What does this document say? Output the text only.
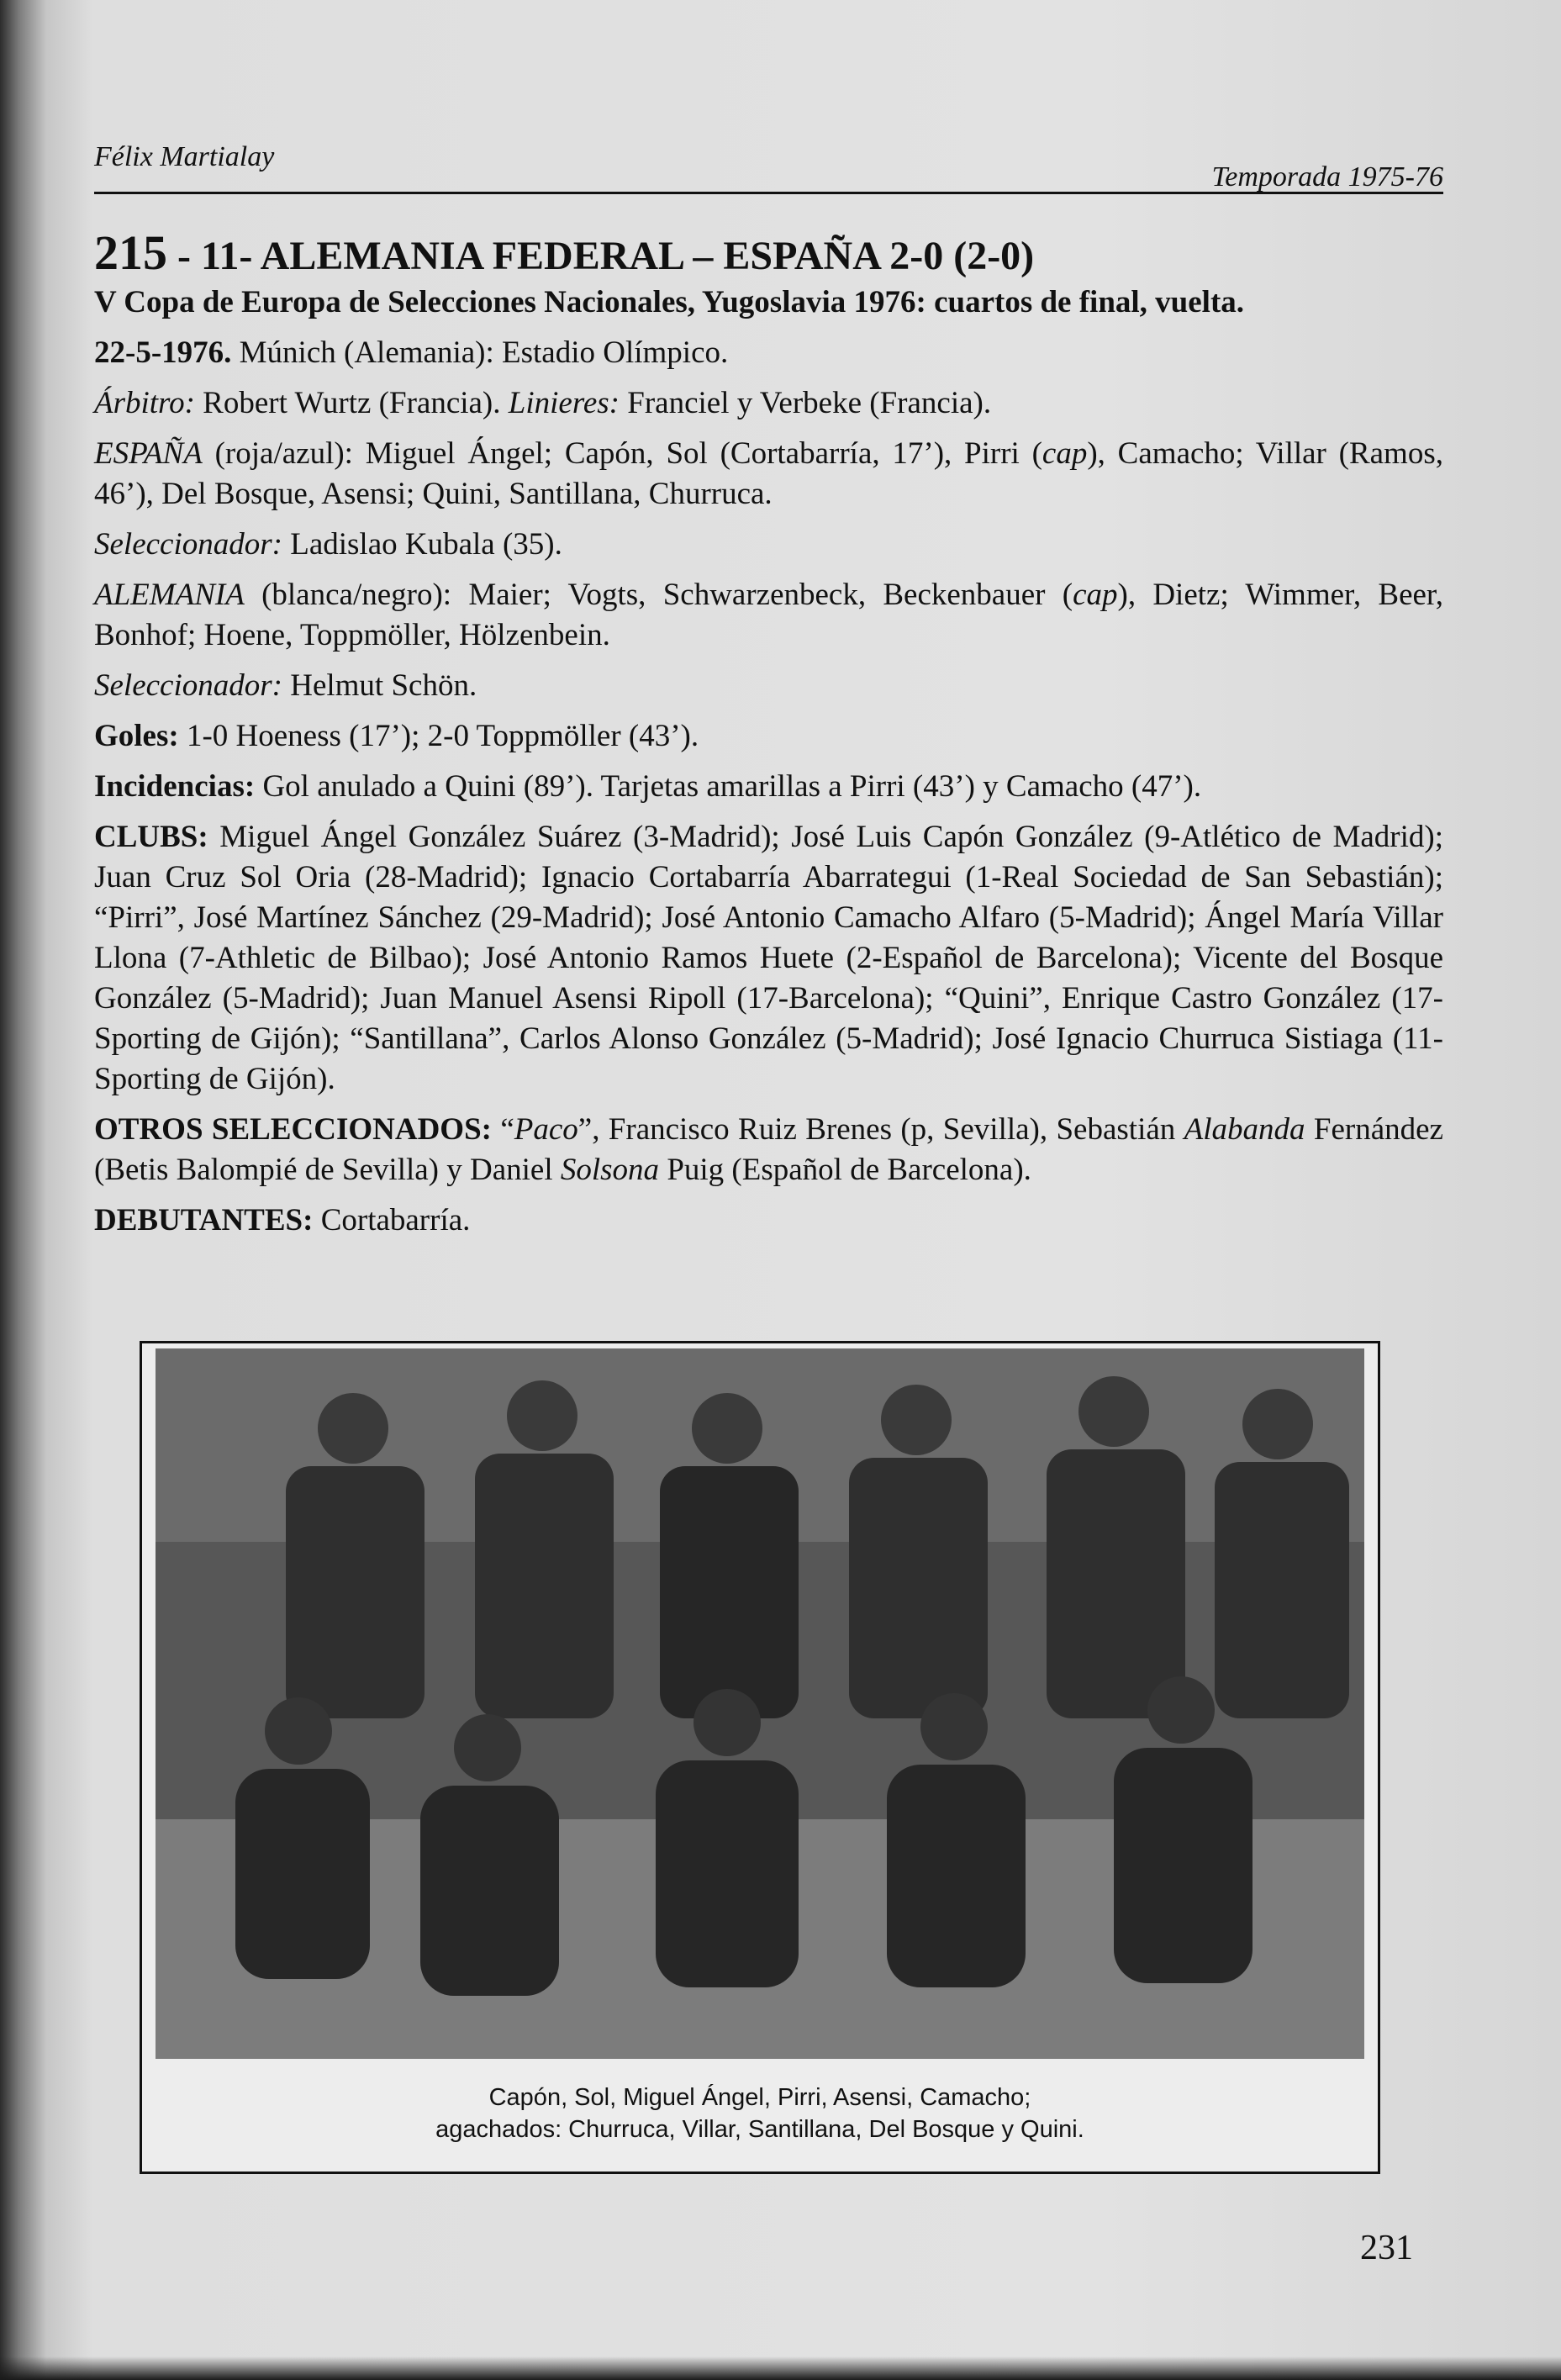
Félix Martialay
Temporada 1975-76
215 - 11- ALEMANIA FEDERAL – ESPAÑA 2-0 (2-0)

V Copa de Europa de Selecciones Nacionales, Yugoslavia 1976: cuartos de final, vuelta.

22-5-1976. Múnich (Alemania): Estadio Olímpico.

Árbitro: Robert Wurtz (Francia). Linieres: Franciel y Verbeke (Francia).

ESPAÑA (roja/azul): Miguel Ángel; Capón, Sol (Cortabarría, 17’), Pirri (cap), Camacho; Villar (Ramos, 46’), Del Bosque, Asensi; Quini, Santillana, Churruca.

Seleccionador: Ladislao Kubala (35).

ALEMANIA (blanca/negro): Maier; Vogts, Schwarzenbeck, Beckenbauer (cap), Dietz; Wimmer, Beer, Bonhof; Hoene, Toppmöller, Hölzenbein.

Seleccionador: Helmut Schön.

Goles: 1-0 Hoeness (17’); 2-0 Toppmöller (43’).

Incidencias: Gol anulado a Quini (89’). Tarjetas amarillas a Pirri (43’) y Camacho (47’).

CLUBS: Miguel Ángel González Suárez (3-Madrid); José Luis Capón González (9-Atlético de Madrid); Juan Cruz Sol Oria (28-Madrid); Ignacio Cortabarría Abarrategui (1-Real Sociedad de San Sebastián); “Pirri”, José Martínez Sánchez (29-Madrid); José Antonio Camacho Alfaro (5-Madrid); Ángel María Villar Llona (7-Athletic de Bilbao); José Antonio Ramos Huete (2-Español de Barcelona); Vicente del Bosque González (5-Madrid); Juan Manuel Asensi Ripoll (17-Barcelona); “Quini”, Enrique Castro González (17-Sporting de Gijón); “Santillana”, Carlos Alonso González (5-Madrid); José Ignacio Churruca Sistiaga (11-Sporting de Gijón).

OTROS SELECCIONADOS: “Paco”, Francisco Ruiz Brenes (p, Sevilla), Sebastián Alabanda Fernández (Betis Balompié de Sevilla) y Daniel Solsona Puig (Español de Barcelona).

DEBUTANTES: Cortabarría.

Capón, Sol, Miguel Ángel, Pirri, Asensi, Camacho;
agachados: Churruca, Villar, Santillana, Del Bosque y Quini.
231
